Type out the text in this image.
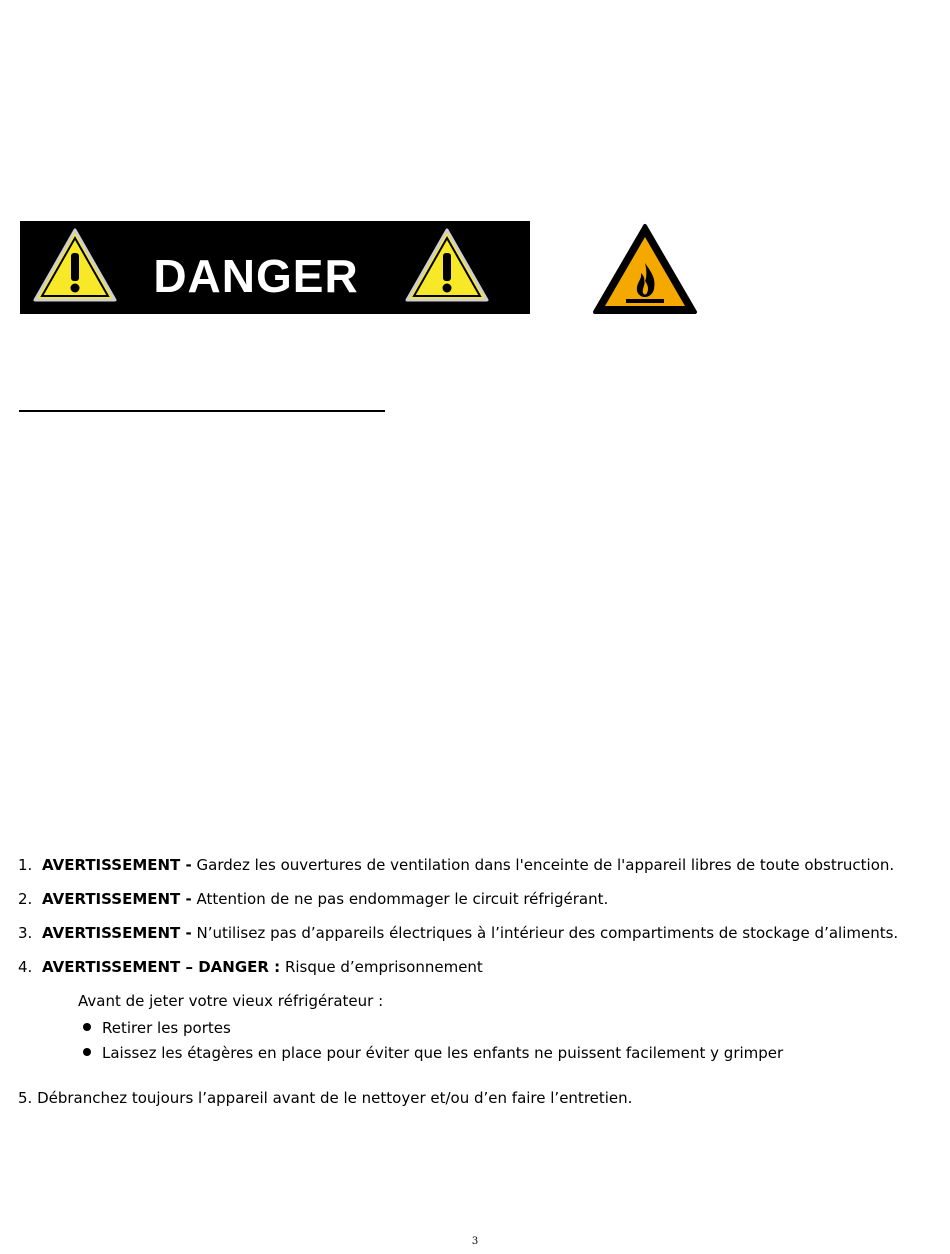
DANGER
1. AVERTISSEMENT - Gardez les ouvertures de ventilation dans l'enceinte de l'appareil libres de toute obstruction.
2. AVERTISSEMENT - Attention de ne pas endommager le circuit réfrigérant.
3. AVERTISSEMENT - N’utilisez pas d’appareils électriques à l’intérieur des compartiments de stockage d’aliments.
4. AVERTISSEMENT – DANGER : Risque d’emprisonnement
Avant de jeter votre vieux réfrigérateur :
Retirer les portes
Laissez les étagères en place pour éviter que les enfants ne puissent facilement y grimper
5. Débranchez toujours l’appareil avant de le nettoyer et/ou d’en faire l’entretien.
3
